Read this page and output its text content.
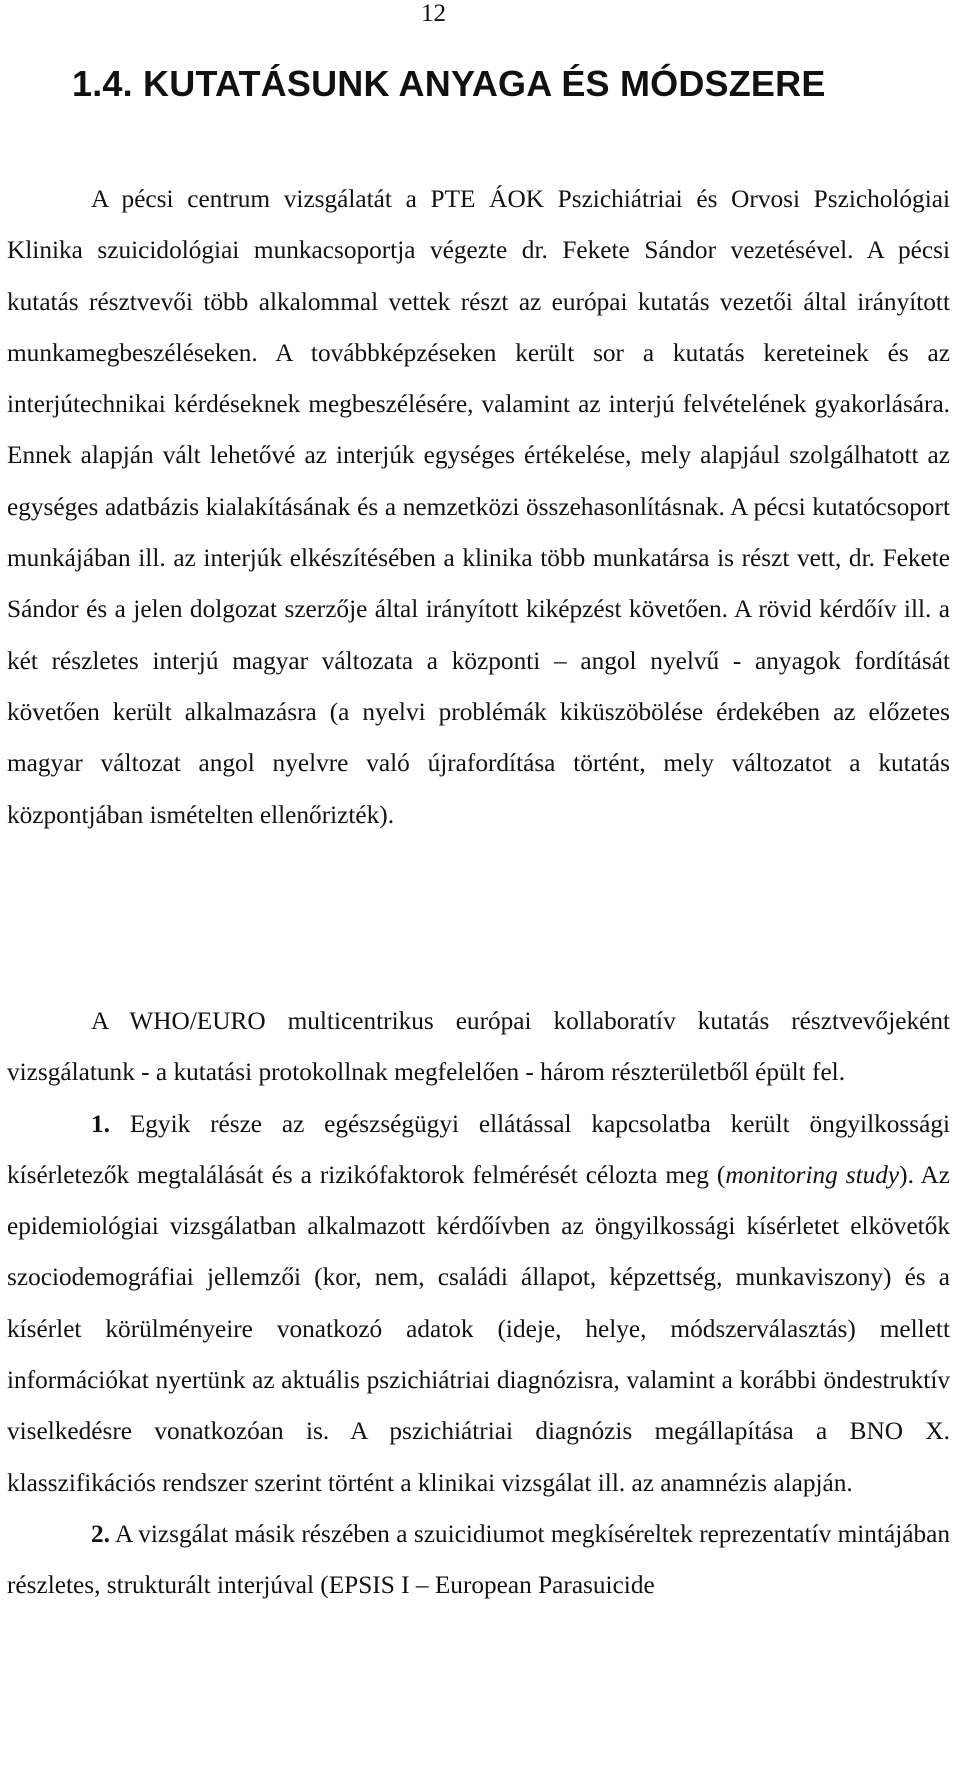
12
1.4. KUTATÁSUNK ANYAGA ÉS MÓDSZERE

A pécsi centrum vizsgálatát a PTE ÁOK Pszichiátriai és Orvosi Pszichológiai Klinika szuicidológiai munkacsoportja végezte dr. Fekete Sándor vezetésével. A pécsi kutatás résztvevői több alkalommal vettek részt az európai kutatás vezetői által irányított munkamegbeszéléseken. A továbbképzéseken került sor a kutatás kereteinek és az interjútechnikai kérdéseknek megbeszélésére, valamint az interjú felvételének gyakorlására. Ennek alapján vált lehetővé az interjúk egységes értékelése, mely alapjául szolgálhatott az egységes adatbázis kialakításának és a nemzetközi összehasonlításnak. A pécsi kutatócsoport munkájában ill. az interjúk elkészítésében a klinika több munkatársa is részt vett, dr. Fekete Sándor és a jelen dolgozat szerzője által irányított kiképzést követően. A rövid kérdőív ill. a két részletes interjú magyar változata a központi – angol nyelvű - anyagok fordítását követően került alkalmazásra (a nyelvi problémák kiküszöbölése érdekében az előzetes magyar változat angol nyelvre való újrafordítása történt, mely változatot a kutatás központjában ismételten ellenőrizték).

A WHO/EURO multicentrikus európai kollaboratív kutatás résztvevőjeként vizsgálatunk - a kutatási protokollnak megfelelően - három részterületből épült fel.

1. Egyik része az egészségügyi ellátással kapcsolatba került öngyilkossági kísérletezők megtalálását és a rizikófaktorok felmérését célozta meg (monitoring study). Az epidemiológiai vizsgálatban alkalmazott kérdőívben az öngyilkossági kísérletet elkövetők szociodemográfiai jellemzői (kor, nem, családi állapot, képzettség, munkaviszony) és a kísérlet körülményeire vonatkozó adatok (ideje, helye, módszerválasztás) mellett információkat nyertünk az aktuális pszichiátriai diagnózisra, valamint a korábbi öndestruktív viselkedésre vonatkozóan is. A pszichiátriai diagnózis megállapítása a BNO X. klasszifikációs rendszer szerint történt a klinikai vizsgálat ill. az anamnézis alapján.

2. A vizsgálat másik részében a szuicidiumot megkíséreltek reprezentatív mintájában részletes, strukturált interjúval (EPSIS I – European Parasuicide
